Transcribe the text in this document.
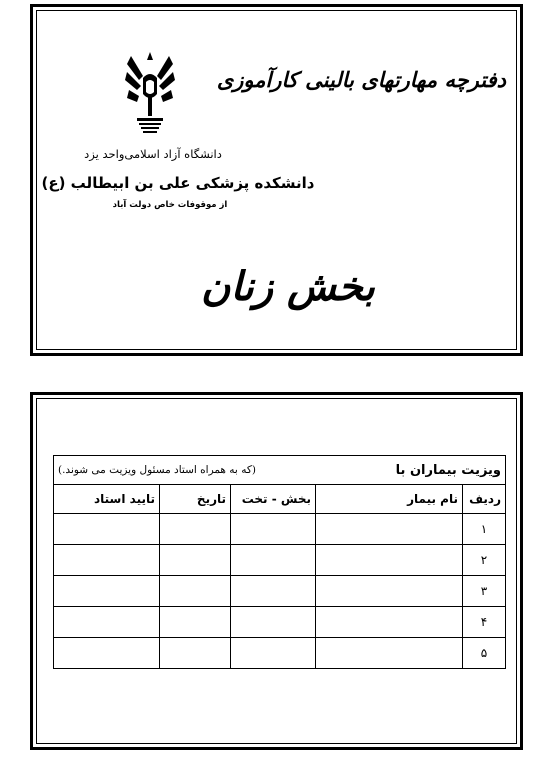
دفترچه مهارتهای بالینی کارآموزی
دانشگاه آزاد اسلامی‌واحد یزد
دانشکده پزشکی علی بن ابیطالب (ع)
از موقوفات خاص دولت آباد
بخش زنان
ویزیت بیماران با
(که به همراه استاد مسئول ویزیت می شوند.)				

ردیف	نام بیمار	بخش - تخت	تاریخ	تایید استاد
۱				
۲				
۳				
۴				
۵				
